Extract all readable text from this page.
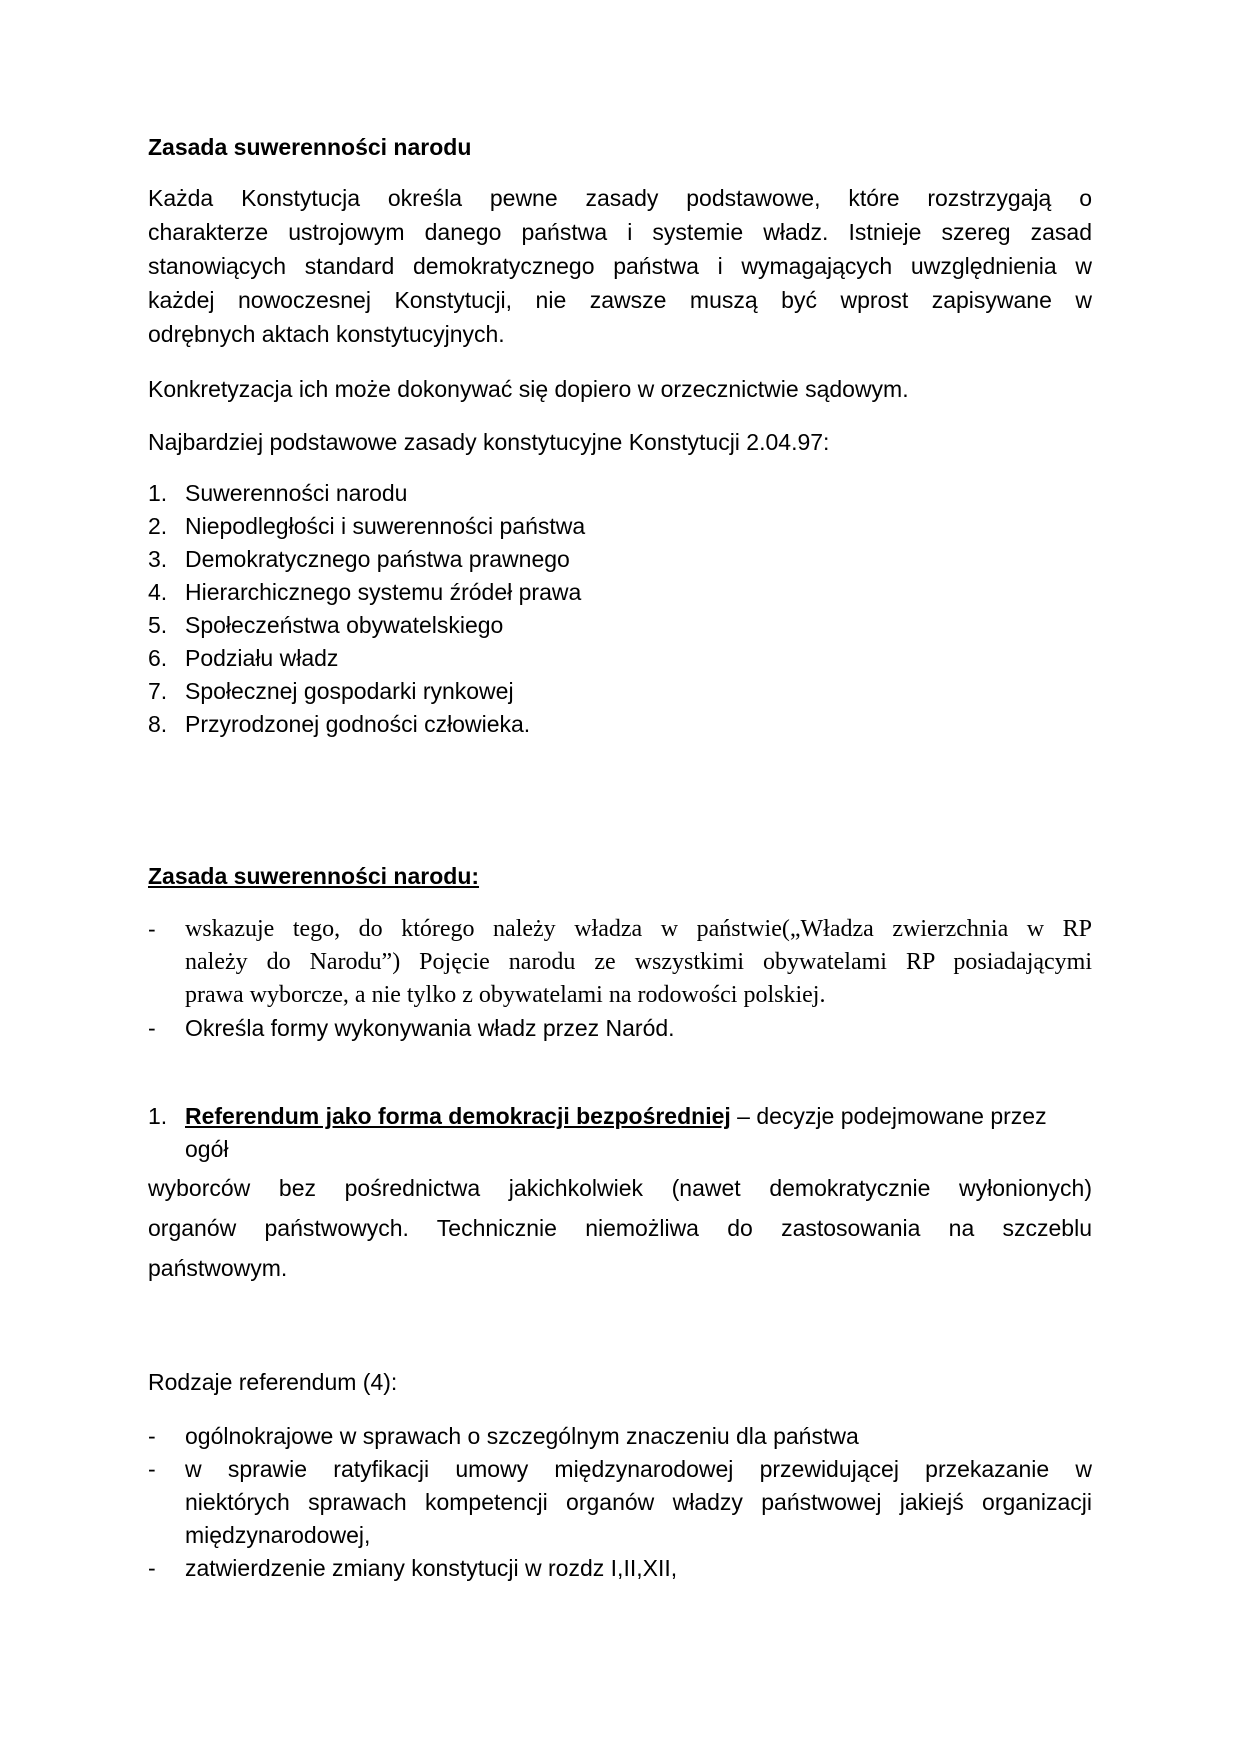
Zasada suwerenności narodu
Każda Konstytucja określa pewne zasady podstawowe, które rozstrzygają o
charakterze ustrojowym danego państwa i systemie władz. Istnieje szereg zasad
stanowiących standard demokratycznego państwa i wymagających uwzględnienia w
każdej nowoczesnej Konstytucji, nie zawsze muszą być wprost zapisywane w
odrębnych aktach konstytucyjnych.
Konkretyzacja ich może dokonywać się dopiero w orzecznictwie sądowym.
Najbardziej podstawowe zasady konstytucyjne Konstytucji 2.04.97:
1. Suwerenności narodu
2. Niepodległości i suwerenności państwa
3. Demokratycznego państwa prawnego
4. Hierarchicznego systemu źródeł prawa
5. Społeczeństwa obywatelskiego
6. Podziału władz
7. Społecznej gospodarki rynkowej
8. Przyrodzonej godności człowieka.
Zasada suwerenności narodu:
- wskazuje tego, do którego należy władza w państwie(„Władza zwierzchnia w RP
należy do Narodu”) Pojęcie narodu ze wszystkimi obywatelami RP posiadającymi
prawa wyborcze, a nie tylko z obywatelami na rodowości polskiej.
- Określa formy wykonywania władz przez Naród.
1. Referendum jako forma demokracji bezpośredniej – decyzje podejmowane przez
ogół
wyborców bez pośrednictwa jakichkolwiek (nawet demokratycznie wyłonionych)
organów państwowych. Technicznie niemożliwa do zastosowania na szczeblu
państwowym.
Rodzaje referendum (4):
- ogólnokrajowe w sprawach o szczególnym znaczeniu dla państwa
- w sprawie ratyfikacji umowy międzynarodowej przewidującej przekazanie w
niektórych sprawach kompetencji organów władzy państwowej jakiejś organizacji
międzynarodowej,
- zatwierdzenie zmiany konstytucji w rozdz I,II,XII,
